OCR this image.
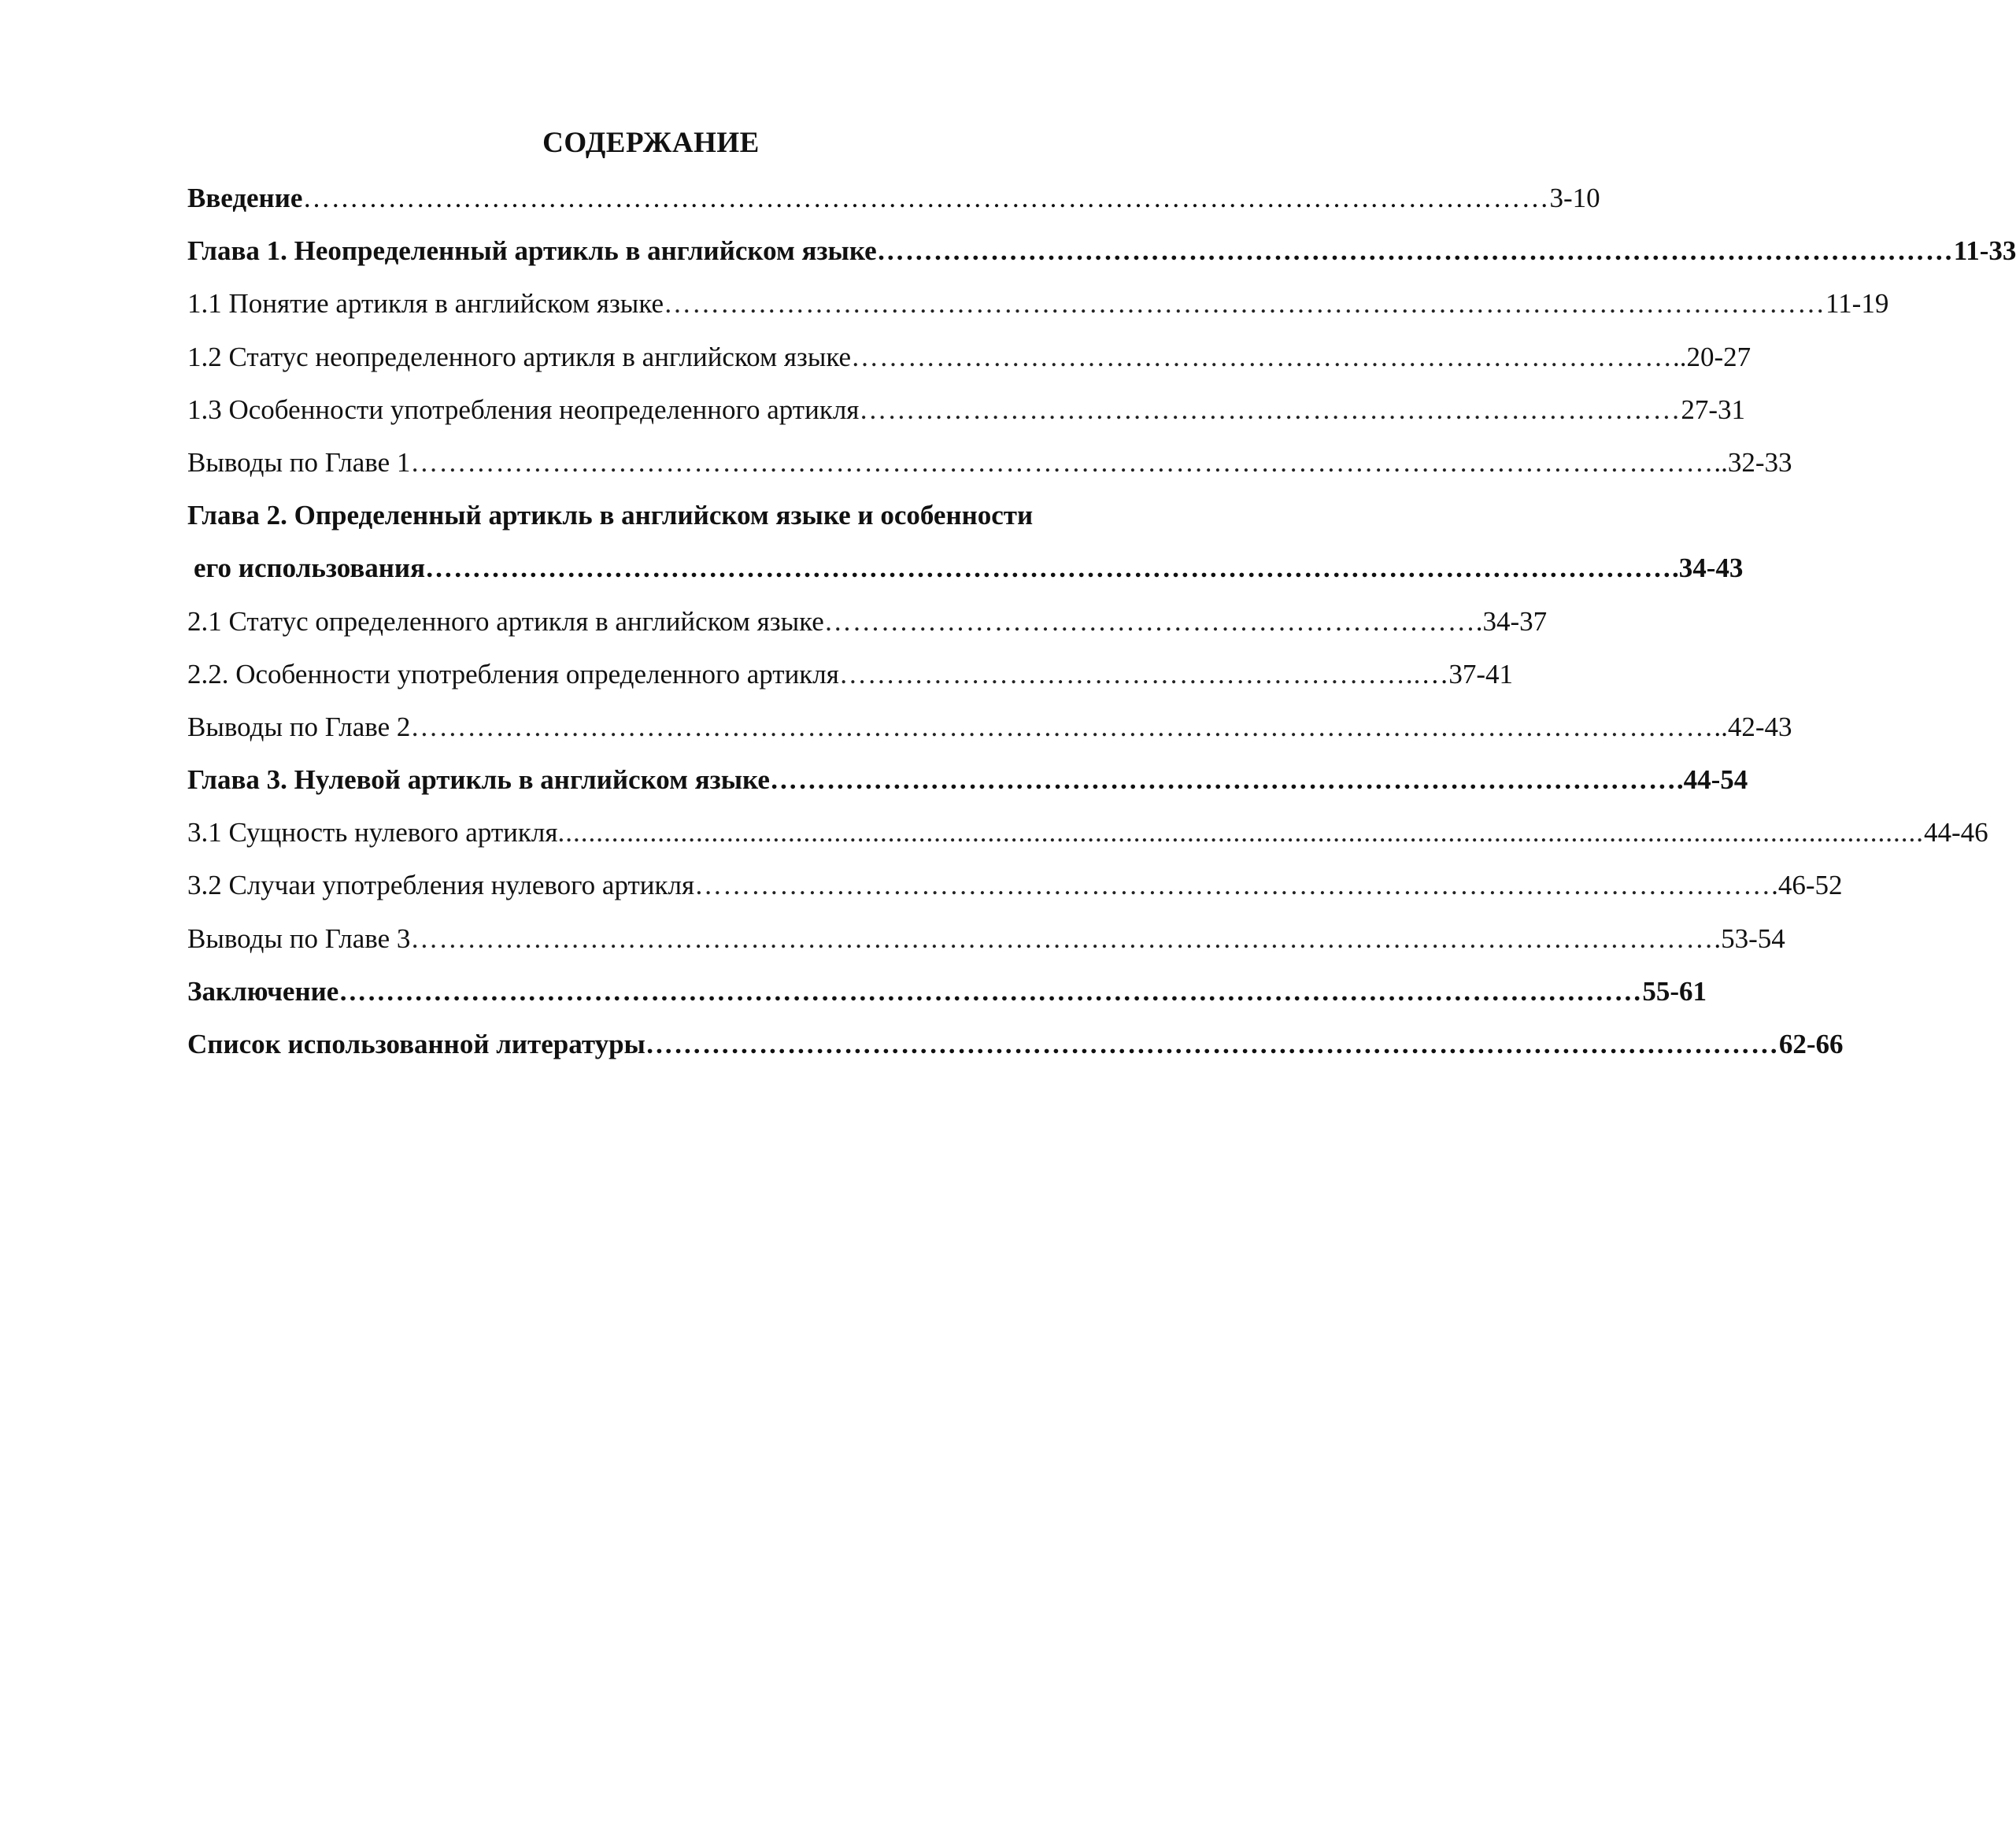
СОДЕРЖАНИЕ
Введение …………………………………………………………………………………………………………………… 3-10
Глава 1. Неопределенный артикль в английском языке …………………………………………………………………………………………………… 11-33
1.1 Понятие артикля в английском языке …………………………………………………………………………………………………………… 11-19
1.2 Статус неопределенного артикля в английском языке …………………………………………………………………………… ..20-27
1.3 Особенности употребления неопределенного артикля …………………………………………………………………………… 27-31
Выводы по Главе 1 ………………………………………………………………………………………………………………………… ..32-33
Глава 2. Определенный артикль в английском языке и особенности
его использования …………………………………………………………………………………………………………………… .34-43
2.1 Статус определенного артикля в английском языке …………………………………………………………… .34-37
2.2. Особенности употребления определенного артикля …………………………………………………….. …37-41
Выводы по Главе 2 ………………………………………………………………………………………………………………………… ..42-43
Глава 3. Нулевой артикль в английском языке …………………………………………………………………………………… .44-54
3.1 Сущность нулевого артикля .................................................................................................................................................................................. 44-46
3.2 Случаи употребления нулевого артикля …………………………………………………………………………………………………… .46-52
Выводы по Главе 3 ………………………………………………………………………………………………………………………… .53-54
Заключение ………………………………………………………………………………………………………………………… 55-61
Список использованной литературы ………………………………………………………………………………………………………… 62-66
